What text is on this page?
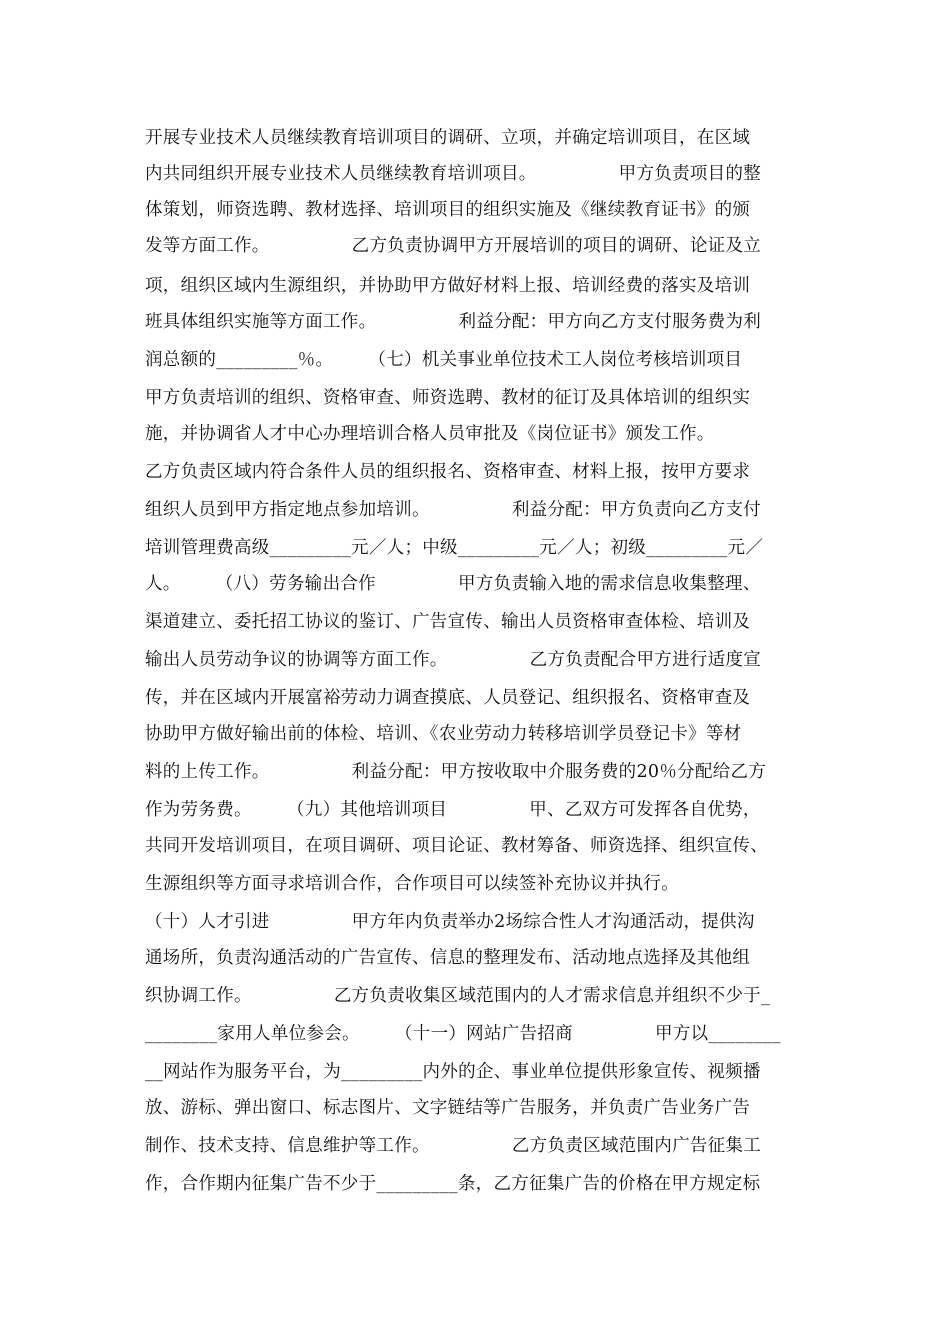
开展专业技术人员继续教育培训项目的调研、立项，并确定培训项目，在区域
内共同组织开展专业技术人员继续教育培训项目。              甲方负责项目的整
体策划，师资选聘、教材选择、培训项目的组织实施及《继续教育证书》的颁
发等方面工作。              乙方负责协调甲方开展培训的项目的调研、论证及立
项，组织区域内生源组织，并协助甲方做好材料上报、培训经费的落实及培训
班具体组织实施等方面工作。              利益分配：甲方向乙方支付服务费为利
润总额的_________％。      （七）机关事业单位技术工人岗位考核培训项目
甲方负责培训的组织、资格审查、师资选聘、教材的征订及具体培训的组织实
施，并协调省人才中心办理培训合格人员审批及《岗位证书》颁发工作。
乙方负责区域内符合条件人员的组织报名、资格审查、材料上报，按甲方要求
组织人员到甲方指定地点参加培训。              利益分配：甲方负责向乙方支付
培训管理费高级_________元／人；中级_________元／人；初级_________元／
人。      （八）劳务输出合作              甲方负责输入地的需求信息收集整理、
渠道建立、委托招工协议的鉴订、广告宣传、输出人员资格审查体检、培训及
输出人员劳动争议的协调等方面工作。              乙方负责配合甲方进行适度宣
传，并在区域内开展富裕劳动力调查摸底、人员登记、组织报名、资格审查及
协助甲方做好输出前的体检、培训、《农业劳动力转移培训学员登记卡》等材
料的上传工作。              利益分配：甲方按收取中介服务费的20％分配给乙方
作为劳务费。      （九）其他培训项目              甲、乙双方可发挥各自优势，
共同开发培训项目，在项目调研、项目论证、教材筹备、师资选择、组织宣传、
生源组织等方面寻求培训合作，合作项目可以续签补充协议并执行。
（十）人才引进              甲方年内负责举办2场综合性人才沟通活动，提供沟
通场所，负责沟通活动的广告宣传、信息的整理发布、活动地点选择及其他组
织协调工作。              乙方负责收集区域范围内的人才需求信息并组织不少于_
________家用人单位参会。      （十一）网站广告招商              甲方以________
__网站作为服务平台，为_________内外的企、事业单位提供形象宣传、视频播
放、游标、弹出窗口、标志图片、文字链结等广告服务，并负责广告业务广告
制作、技术支持、信息维护等工作。              乙方负责区域范围内广告征集工
作，合作期内征集广告不少于_________条，乙方征集广告的价格在甲方规定标
